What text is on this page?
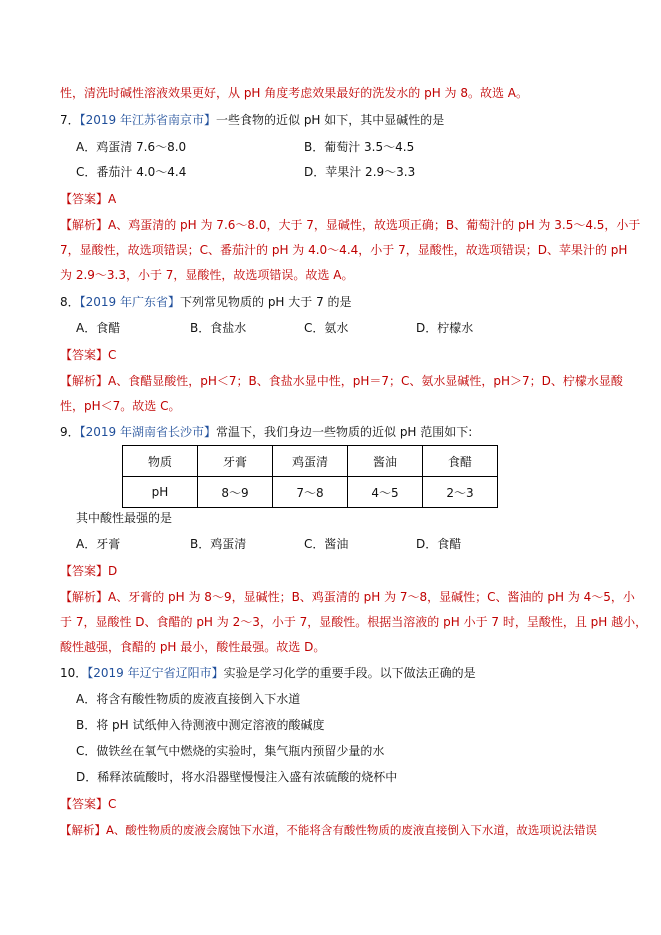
性，清洗时碱性溶液效果更好，从 pH 角度考虑效果最好的洗发水的 pH 为 8。故选 A。
7．【2019 年江苏省南京市】一些食物的近似 pH 如下，其中显碱性的是
A．鸡蛋清 7.6～8.0	B．葡萄汁 3.5～4.5
C．番茄汁 4.0～4.4	D．苹果汁 2.9～3.3
【答案】A
【解析】A、鸡蛋清的 pH 为 7.6～8.0，大于 7，显碱性，故选项正确；B、葡萄汁的 pH 为 3.5～4.5，小于
7，显酸性，故选项错误；C、番茄汁的 pH 为 4.0～4.4，小于 7，显酸性，故选项错误；D、苹果汁的 pH
为 2.9～3.3，小于 7，显酸性，故选项错误。故选 A。
8．【2019 年广东省】下列常见物质的 pH 大于 7 的是
A．食醋	B．食盐水	C．氨水	D．柠檬水
【答案】C
【解析】A、食醋显酸性，pH＜7；B、食盐水显中性，pH＝7；C、氨水显碱性，pH＞7；D、柠檬水显酸
性，pH＜7。故选 C。
9．【2019 年湖南省长沙市】常温下，我们身边一些物质的近似 pH 范围如下:
物质	牙膏	鸡蛋清	酱油	食醋
pH	8～9	7～8	4～5	2～3
其中酸性最强的是
A．牙膏	B．鸡蛋清	C．酱油	D．食醋
【答案】D
【解析】A、牙膏的 pH 为 8～9，显碱性；B、鸡蛋清的 pH 为 7～8，显碱性；C、酱油的 pH 为 4～5，小
于 7，显酸性 D、食醋的 pH 为 2～3，小于 7，显酸性。根据当溶液的 pH 小于 7 时，呈酸性，且 pH 越小，
酸性越强，食醋的 pH 最小，酸性最强。故选 D。
10．【2019 年辽宁省辽阳市】实验是学习化学的重要手段。以下做法正确的是
A．将含有酸性物质的废液直接倒入下水道
B．将 pH 试纸伸入待测液中测定溶液的酸碱度
C．做铁丝在氧气中燃烧的实验时，集气瓶内预留少量的水
D．稀释浓硫酸时，将水沿器壁慢慢注入盛有浓硫酸的烧杯中
【答案】C
【解析】A、酸性物质的废液会腐蚀下水道，不能将含有酸性物质的废液直接倒入下水道，故选项说法错误
